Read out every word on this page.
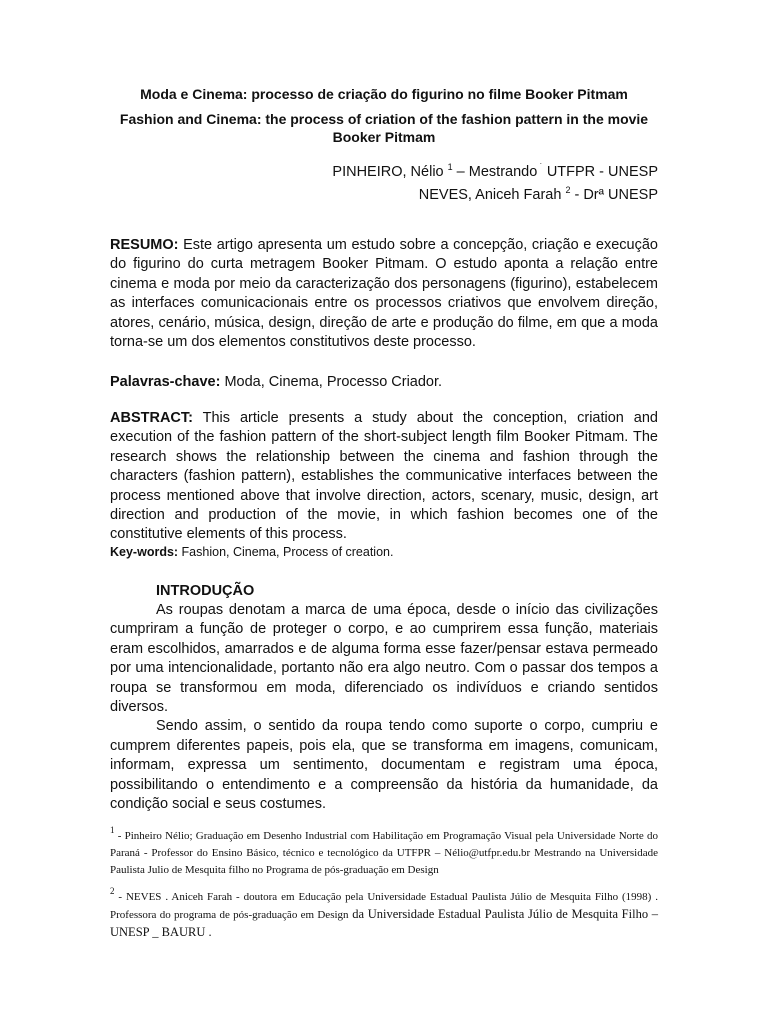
Moda e Cinema: processo de criação do figurino no filme Booker Pitmam
Fashion and Cinema: the process of criation of the fashion pattern in the movie Booker Pitmam
PINHEIRO, Nélio $^1$ – Mestrando ˙ UTFPR - UNESP
NEVES, Aniceh Farah $^2$ - Drª UNESP
RESUMO: Este artigo apresenta um estudo sobre a concepção, criação e execução do figurino do curta metragem Booker Pitmam. O estudo aponta a relação entre cinema e moda por meio da caracterização dos personagens (figurino), estabelecem as interfaces comunicacionais entre os processos criativos que envolvem direção, atores, cenário, música, design, direção de arte e produção do filme, em que a moda torna-se um dos elementos constitutivos deste processo.
Palavras-chave: Moda, Cinema, Processo Criador.
ABSTRACT: This article presents a study about the conception, criation and execution of the fashion pattern of the short-subject length film Booker Pitmam. The research shows the relationship between the cinema and fashion through the characters (fashion pattern), establishes the communicative interfaces between the process mentioned above that involve direction, actors, scenary, music, design, art direction and production of the movie, in which fashion becomes one of the constitutive elements of this process.
Key-words: Fashion, Cinema, Process of creation.
INTRODUÇÃO

As roupas denotam a marca de uma época, desde o início das civilizações cumpriram a função de proteger o corpo, e ao cumprirem essa função, materiais eram escolhidos, amarrados e de alguma forma esse fazer/pensar estava permeado por uma intencionalidade, portanto não era algo neutro. Com o passar dos tempos a roupa se transformou em moda, diferenciado os indivíduos e criando sentidos diversos.

Sendo assim, o sentido da roupa tendo como suporte o corpo, cumpriu e cumprem diferentes papeis, pois ela, que se transforma em imagens, comunicam, informam, expressa um sentimento, documentam e registram uma época, possibilitando o entendimento e a compreensão da história da humanidade, da condição social e seus costumes.

$^1$ - Pinheiro Nélio; Graduação em Desenho Industrial com Habilitação em Programação Visual pela Universidade Norte do Paraná - Professor do Ensino Básico, técnico e tecnológico da UTFPR – Nélio@utfpr.edu.br Mestrando na Universidade Paulista Julio de Mesquita filho no Programa de pós-graduação em Design
$^2$ - NEVES . Aniceh Farah - doutora em Educação pela Universidade Estadual Paulista Júlio de Mesquita Filho (1998) . Professora do programa de pós-graduação em Design da Universidade Estadual Paulista Júlio de Mesquita Filho – UNESP _ BAURU .
